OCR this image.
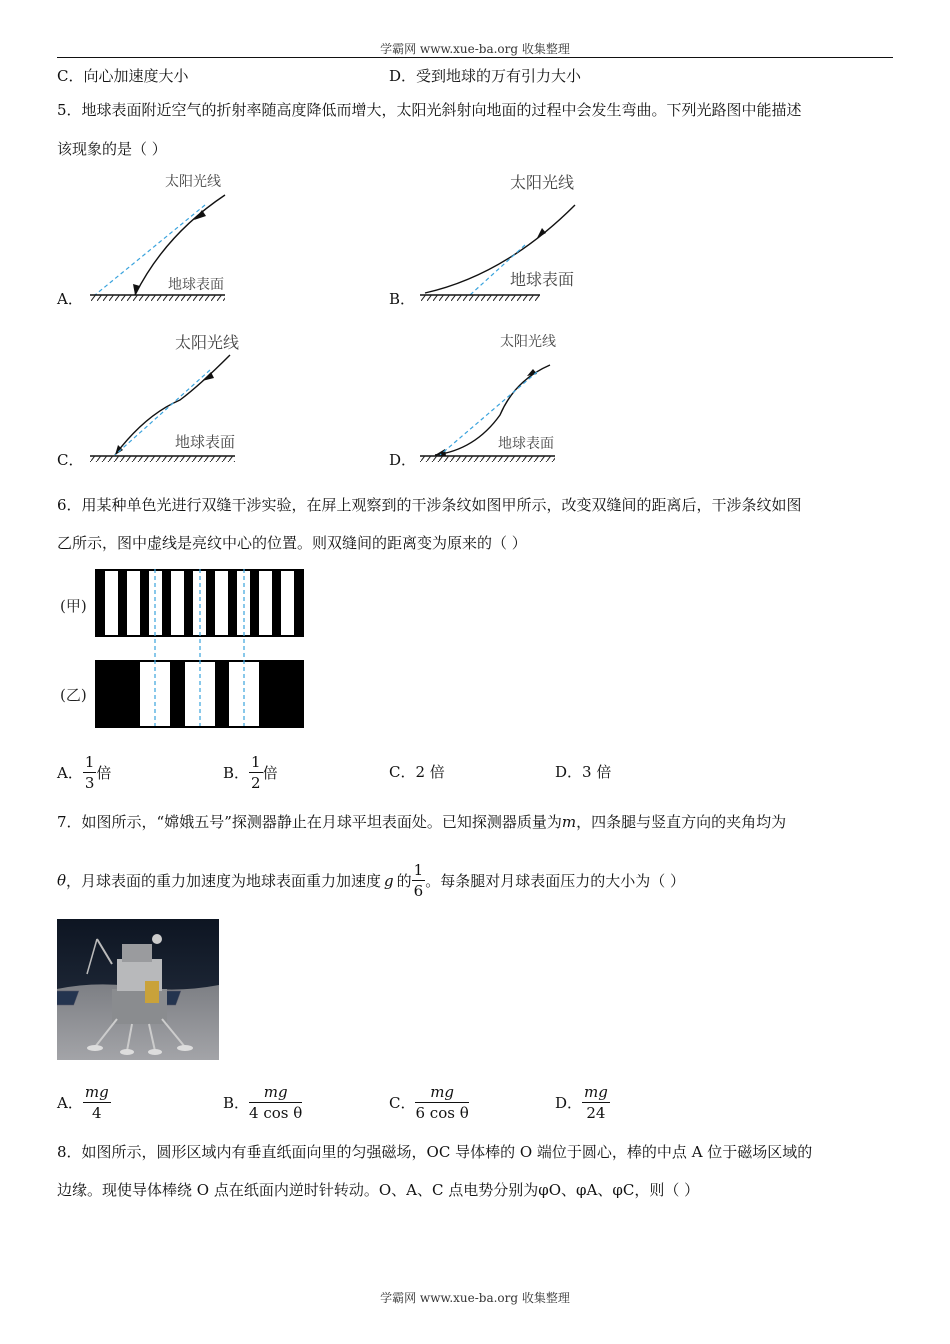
学霸网 www.xue-ba.org 收集整理
C．向心加速度大小	D．受到地球的万有引力大小
5．地球表面附近空气的折射率随高度降低而增大，太阳光斜射向地面的过程中会发生弯曲。下列光路图中能描述
该现象的是（ ）
A．
太阳光线
地球表面
B．
太阳光线
地球表面
C．
太阳光线
地球表面
D．
太阳光线
地球表面
6．用某种单色光进行双缝干涉实验，在屏上观察到的干涉条纹如图甲所示，改变双缝间的距离后，干涉条纹如图
乙所示，图中虚线是亮纹中心的位置。则双缝间的距离变为原来的（ ）
(甲)
(乙)
A． $\frac{1}{3}$ 倍	B． $\frac{1}{2}$ 倍	C．2 倍	D．3 倍
7．如图所示，“嫦娥五号”探测器静止在月球平坦表面处。已知探测器质量为m，四条腿与竖直方向的夹角均为
θ，月球表面的重力加速度为地球表面重力加速度 g 的 $\frac{1}{6}$ 。每条腿对月球表面压力的大小为（ ）
A． $\frac{mg}{4}$	B． $\frac{mg}{\text{4 cos θ}}$	C． $\frac{mg}{\text{6 cos θ}}$	D． $\frac{mg}{24}$
8．如图所示，圆形区域内有垂直纸面向里的匀强磁场，OC 导体棒的 O 端位于圆心，棒的中点 A 位于磁场区域的
边缘。现使导体棒绕 O 点在纸面内逆时针转动。O、A、C 点电势分别为φO、φA、φC，则（ ）
学霸网 www.xue-ba.org 收集整理
